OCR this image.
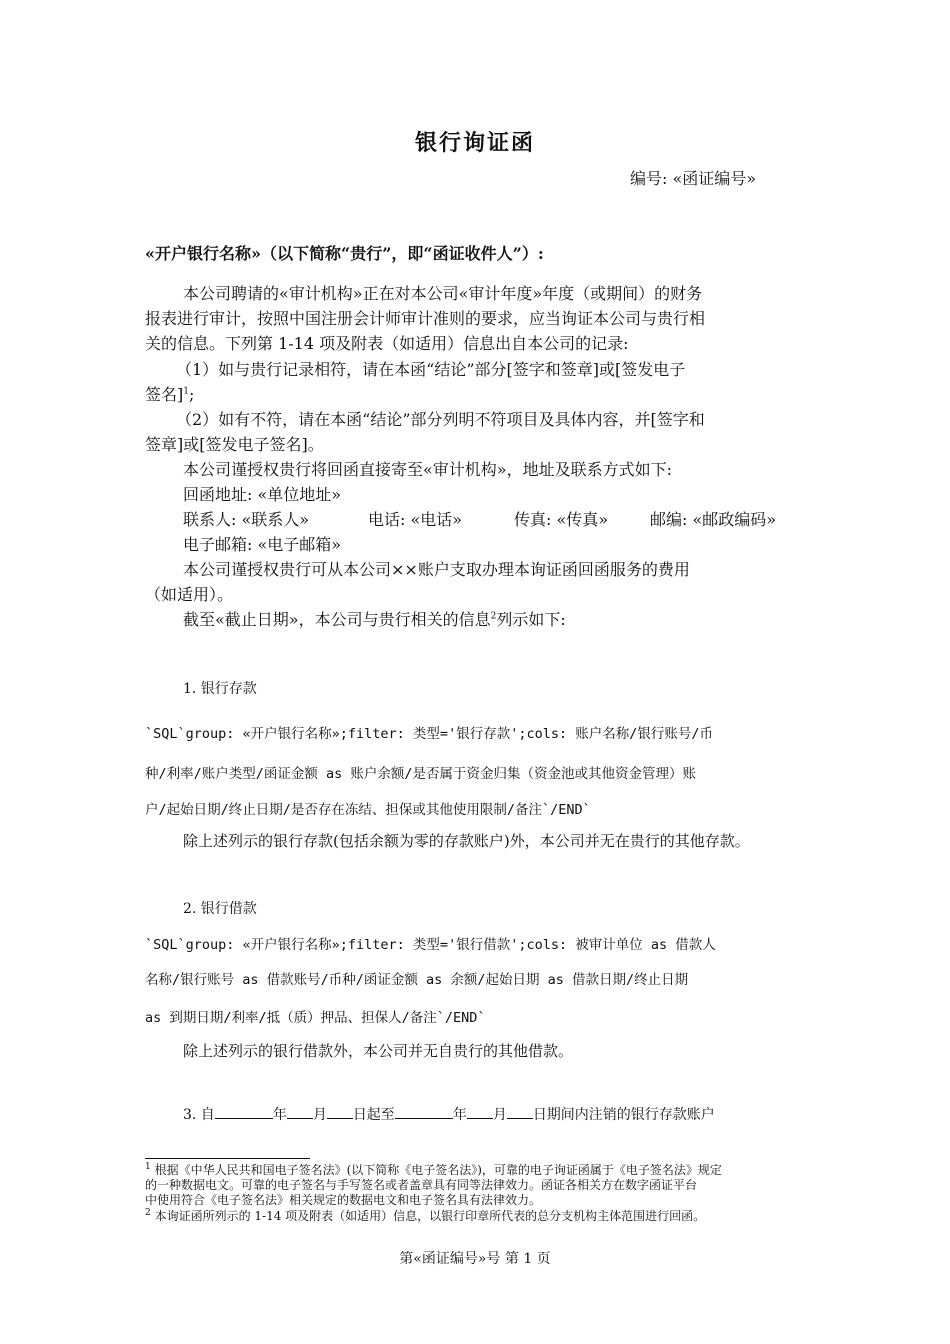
银行询证函
编号: «函证编号»
«开户银行名称»（以下简称“贵行”，即“函证收件人”）:
本公司聘请的«审计机构»正在对本公司«审计年度»年度（或期间）的财务
报表进行审计，按照中国注册会计师审计准则的要求，应当询证本公司与贵行相
关的信息。下列第 1-14 项及附表（如适用）信息出自本公司的记录:
（1）如与贵行记录相符，请在本函“结论”部分[签字和签章]或[签发电子
签名]$^1$;
（2）如有不符，请在本函“结论”部分列明不符项目及具体内容，并[签字和
签章]或[签发电子签名]。
本公司谨授权贵行将回函直接寄至«审计机构»，地址及联系方式如下:
回函地址: «单位地址»
联系人: «联系人»	电话: «电话»	传真: «传真»	邮编: «邮政编码»
电子邮箱: «电子邮箱»
本公司谨授权贵行可从本公司××账户支取办理本询证函回函服务的费用
（如适用）。
截至«截止日期»，本公司与贵行相关的信息$^2$列示如下:
1. 银行存款
`SQL`group: «开户银行名称»;filter: 类型='银行存款';cols: 账户名称/银行账号/币
种/利率/账户类型/函证金额 as 账户余额/是否属于资金归集（资金池或其他资金管理）账
户/起始日期/终止日期/是否存在冻结、担保或其他使用限制/备注`/END`
除上述列示的银行存款(包括余额为零的存款账户)外，本公司并无在贵行的其他存款。
2. 银行借款
`SQL`group: «开户银行名称»;filter: 类型='银行借款';cols: 被审计单位 as 借款人
名称/银行账号 as 借款账号/币种/函证金额 as 余额/起始日期 as 借款日期/终止日期
as 到期日期/利率/抵（质）押品、担保人/备注`/END`
除上述列示的银行借款外，本公司并无自贵行的其他借款。
3. 自	年 月 日起至	年 月 日期间内注销的银行存款账户
$^1$ 根据《中华人民共和国电子签名法》(以下简称《电子签名法》)，可靠的电子询证函属于《电子签名法》规定
的一种数据电文。可靠的电子签名与手写签名或者盖章具有同等法律效力。函证各相关方在数字函证平台
中使用符合《电子签名法》相关规定的数据电文和电子签名具有法律效力。
$^2$ 本询证函所列示的 1-14 项及附表（如适用）信息，以银行印章所代表的总分支机构主体范围进行回函。
第«函证编号»号 第 1 页
